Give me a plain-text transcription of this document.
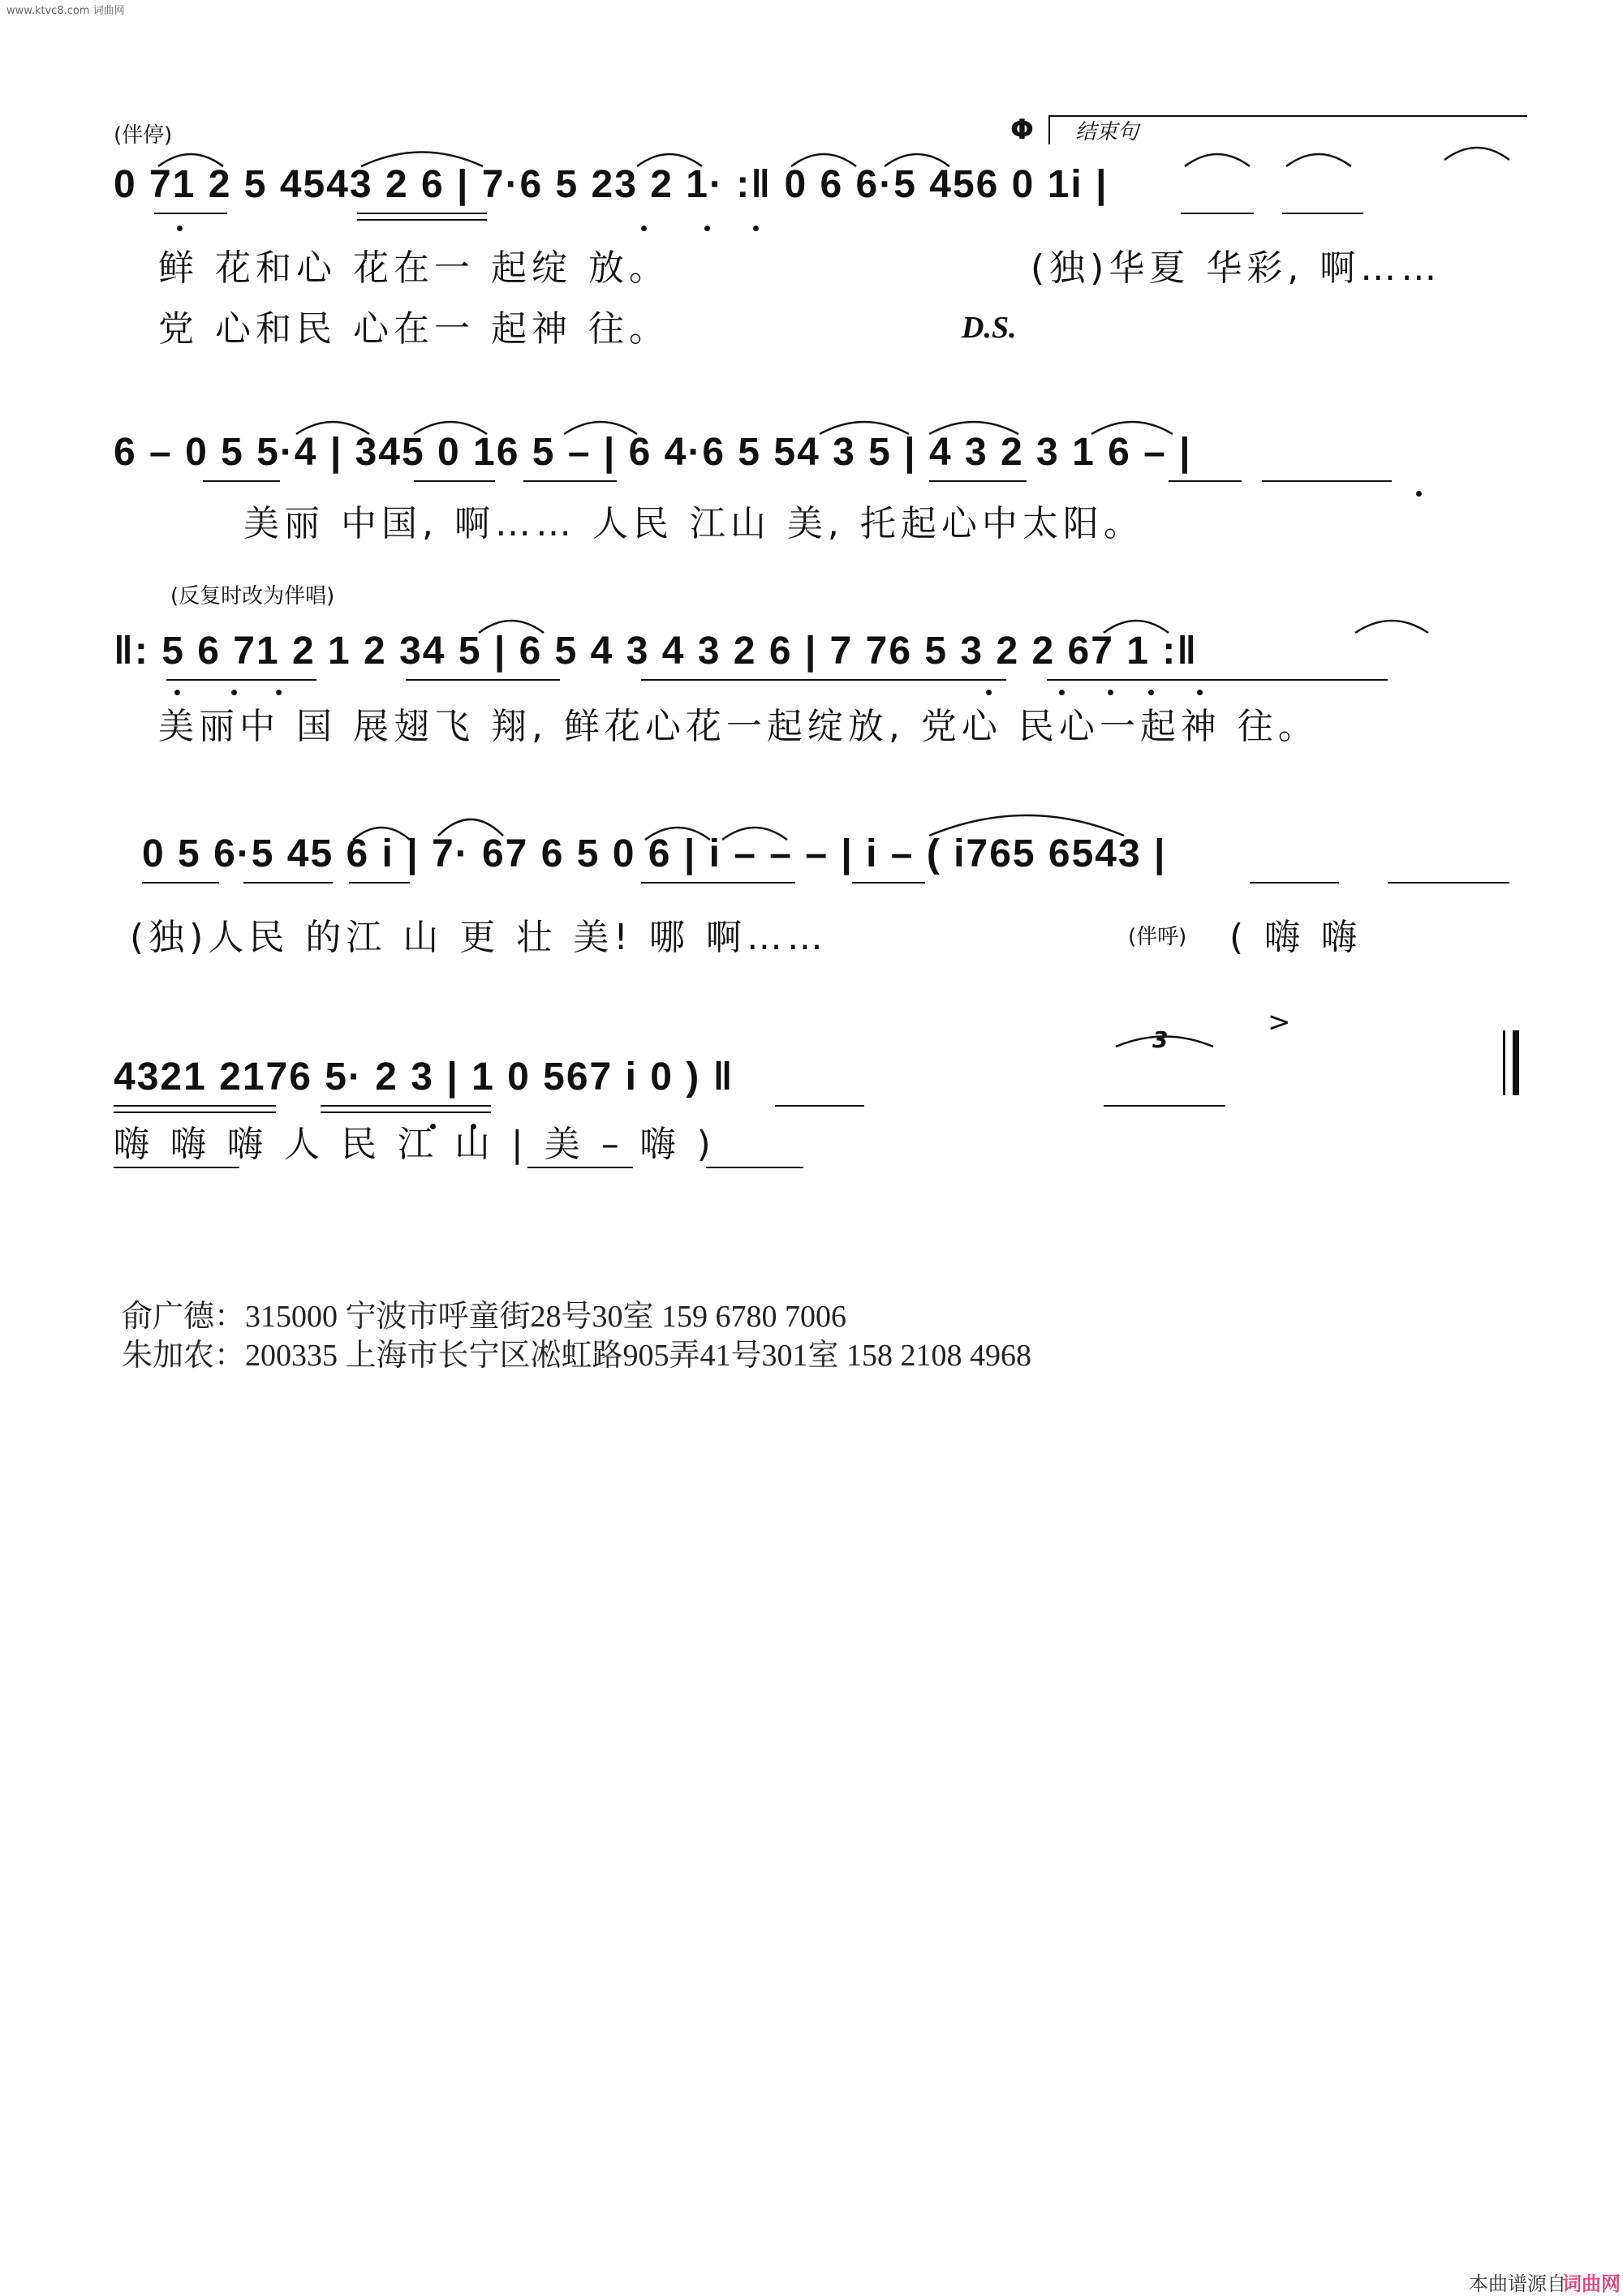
www.ktvc8.com 词曲网
(伴停)	Φ 结束句
0 71 2 5 4543 2 6 | 7·6 5 23 2 1· :‖ 0 6 6·5 456 0 1i |
鲜 花和心 花在一 起绽 放。	(独)华夏 华彩, 啊……
党 心和民 心在一 起神 往。	D.S.
6 – 0 5 5·4 | 345 0 16 5 – | 6 4·6 5 54 3 5 | 4 3 2 3 1 6 – |
美丽 中国, 啊…… 人民 江山 美, 托起心中太阳。
(反复时改为伴唱)
‖: 5 6 71 2 1 2 34 5 | 6 5 4 3 4 3 2 6 | 7 76 5 3 2 2 67 1 :‖
美丽中 国 展翅飞 翔, 鲜花心花一起绽放, 党心 民心一起神 往。
0 5 6·5 45 6 i | 7· 67 6 5 0 6 | i – – – | i – ( i765 6543 |
(独)人民 的江 山 更 壮 美! 哪 啊……	(伴呼) ( 嗨 嗨
3
>
4321 2176 5· 2 3 | 1 0 567 i 0 ) ‖
嗨 嗨 嗨 人 民 江 山 | 美 – 嗨 )
俞广德：315000 宁波市呼童街28号30室 159 6780 7006
朱加农：200335 上海市长宁区凇虹路905弄41号301室 158 2108 4968
本曲谱源自
词曲网
